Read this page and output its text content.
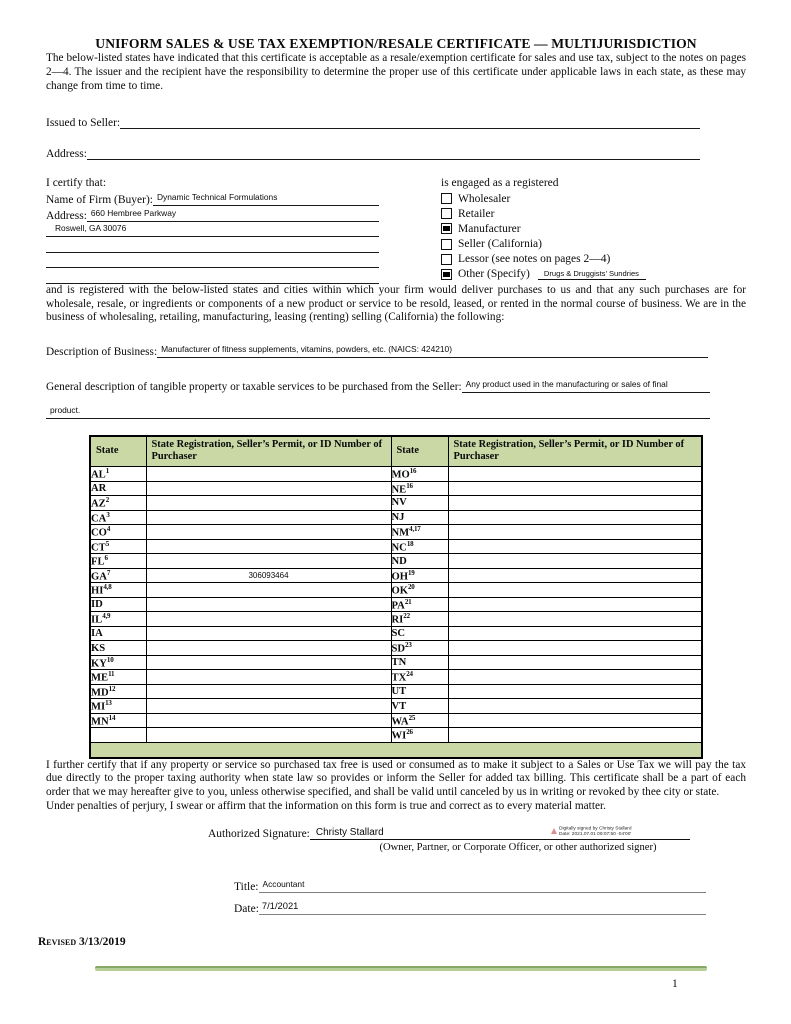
UNIFORM SALES & USE TAX EXEMPTION/RESALE CERTIFICATE — MULTIJURISDICTION

The below-listed states have indicated that this certificate is acceptable as a resale/exemption certificate for sales and use tax, subject to the notes on pages 2—4. The issuer and the recipient have the responsibility to determine the proper use of this certificate under applicable laws in each state, as these may change from time to time.

Issued to Seller:
Address:
I certify that:
Name of Firm (Buyer): Dynamic Technical Formulations
Address: 660 Hembree Parkway
Roswell, GA 30076
is engaged as a registered
Wholesaler
Retailer
Manufacturer
Seller (California)
Lessor (see notes on pages 2—4)
Other (Specify)	Drugs & Druggists’ Sundries

and is registered with the below-listed states and cities within which your firm would deliver purchases to us and that any such purchases are for wholesale, resale, or ingredients or components of a new product or service to be resold, leased, or rented in the normal course of business. We are in the business of wholesaling, retailing, manufacturing, leasing (renting) selling (California) the following:

Description of Business: Manufacturer of fitness supplements, vitamins, powders, etc. (NAICS: 424210)
General description of tangible property or taxable services to be purchased from the Seller: Any product used in the manufacturing or sales of final
product.
State	State Registration, Seller’s Permit, or ID Number of Purchaser	State	State Registration, Seller’s Permit, or ID Number of Purchaser
$AL^1$		MO$^{16}$	
AR		NE$^{16}$	
$AZ^2$		NV	
$CA^3$		NJ	
$CO^4$		NM$^{4,17}$	
$CT^5$		NC$^{18}$	
$FL^6$		ND	
$GA^7$	306093464	OH$^{19}$	
HI$^{4,8}$		OK$^{20}$	
ID		PA$^{21}$	
IL$^{4,9}$		RI$^{22}$	
IA		SC	
KS		SD$^{23}$	
KY$^{10}$		TN	
ME$^{11}$		TX$^{24}$	
MD$^{12}$		UT	
MI$^{13}$		VT	
MN$^{14}$		WA$^{25}$	
		WI$^{26}$	

I further certify that if any property or service so purchased tax free is used or consumed as to make it subject to a Sales or Use Tax we will pay the tax due directly to the proper taxing authority when state law so provides or inform the Seller for added tax billing. This certificate shall be a part of each order that we may hereafter give to you, unless otherwise specified, and shall be valid until canceled by us in writing or revoked by thee city or state.

Under penalties of perjury, I swear or affirm that the information on this form is true and correct as to every material matter.

Authorized Signature: Christy Stallard	Digitally signed by Christy Stallard
Date: 2021.07.01 09:07:50 -04'00'
(Owner, Partner, or Corporate Officer, or other authorized signer)
Title: Accountant
Date: 7/1/2021
Revised 3/13/2019
1
